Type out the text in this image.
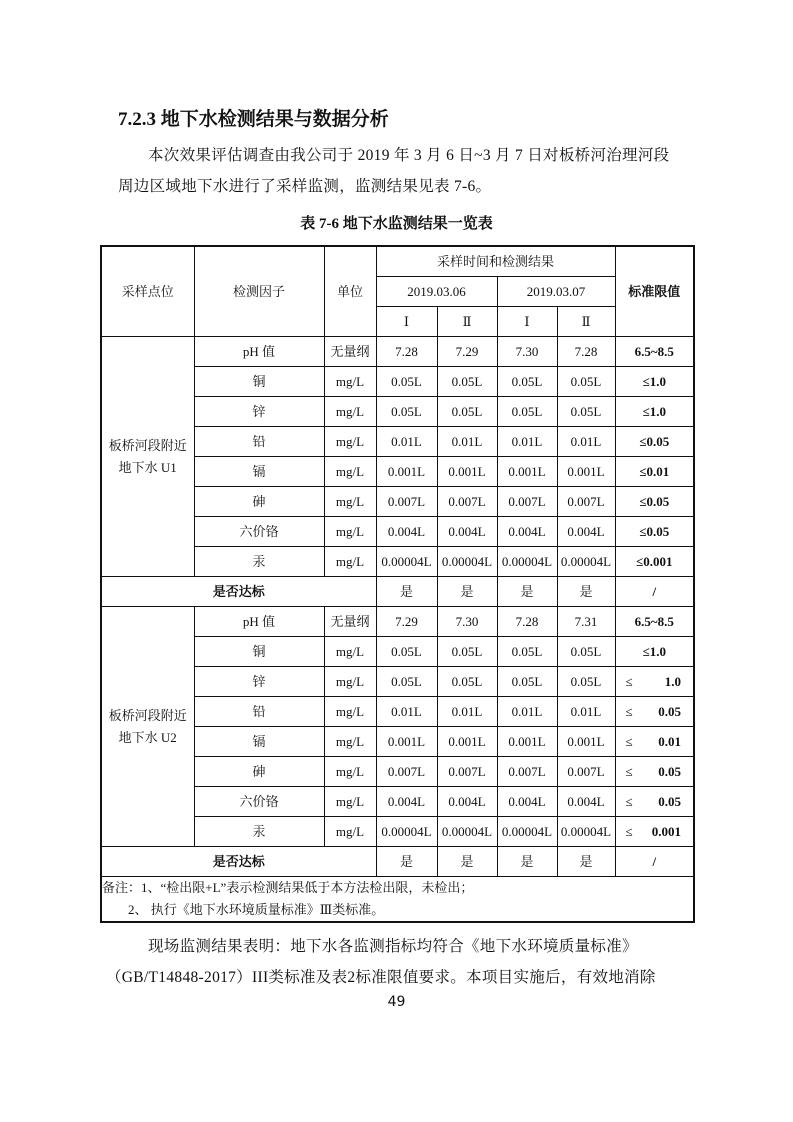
7.2.3 地下水检测结果与数据分析
本次效果评估调查由我公司于 2019 年 3 月 6 日~3 月 7 日对板桥河治理河段
周边区域地下水进行了采样监测，监测结果见表 7-6。
表 7-6 地下水监测结果一览表
采样点位	检测因子	单位	采样时间和检测结果				标准限值
			2019.03.06		2019.03.07		
			Ⅰ	Ⅱ	Ⅰ	Ⅱ	
板桥河段附近
地下水 U1	pH 值	无量纲	7.28	7.29	7.30	7.28	6.5~8.5
	铜	mg/L	0.05L	0.05L	0.05L	0.05L	≤1.0
	锌	mg/L	0.05L	0.05L	0.05L	0.05L	≤1.0
	铅	mg/L	0.01L	0.01L	0.01L	0.01L	≤0.05
	镉	mg/L	0.001L	0.001L	0.001L	0.001L	≤0.01
	砷	mg/L	0.007L	0.007L	0.007L	0.007L	≤0.05
	六价铬	mg/L	0.004L	0.004L	0.004L	0.004L	≤0.05
	汞	mg/L	0.00004L	0.00004L	0.00004L	0.00004L	≤0.001
是否达标			是	是	是	是	/
板桥河段附近
地下水 U2	pH 值	无量纲	7.29	7.30	7.28	7.31	6.5~8.5
	铜	mg/L	0.05L	0.05L	0.05L	0.05L	≤1.0
	锌	mg/L	0.05L	0.05L	0.05L	0.05L	≤ 1.0

	铅	mg/L	0.01L	0.01L	0.01L	0.01L	≤ 0.05

	镉	mg/L	0.001L	0.001L	0.001L	0.001L	≤ 0.01

	砷	mg/L	0.007L	0.007L	0.007L	0.007L	≤ 0.05

	六价铬	mg/L	0.004L	0.004L	0.004L	0.004L	≤ 0.05

	汞	mg/L	0.00004L	0.00004L	0.00004L	0.00004L	≤ 0.001

是否达标			是	是	是	是	/
备注：1、“检出限+L”表示检测结果低于本方法检出限，未检出；							
2、 执行《地下水环境质量标准》Ⅲ类标准。							
现场监测结果表明：地下水各监测指标均符合《地下水环境质量标准》
（GB/T14848-2017）III类标准及表2标准限值要求。本项目实施后，有效地消除
49
